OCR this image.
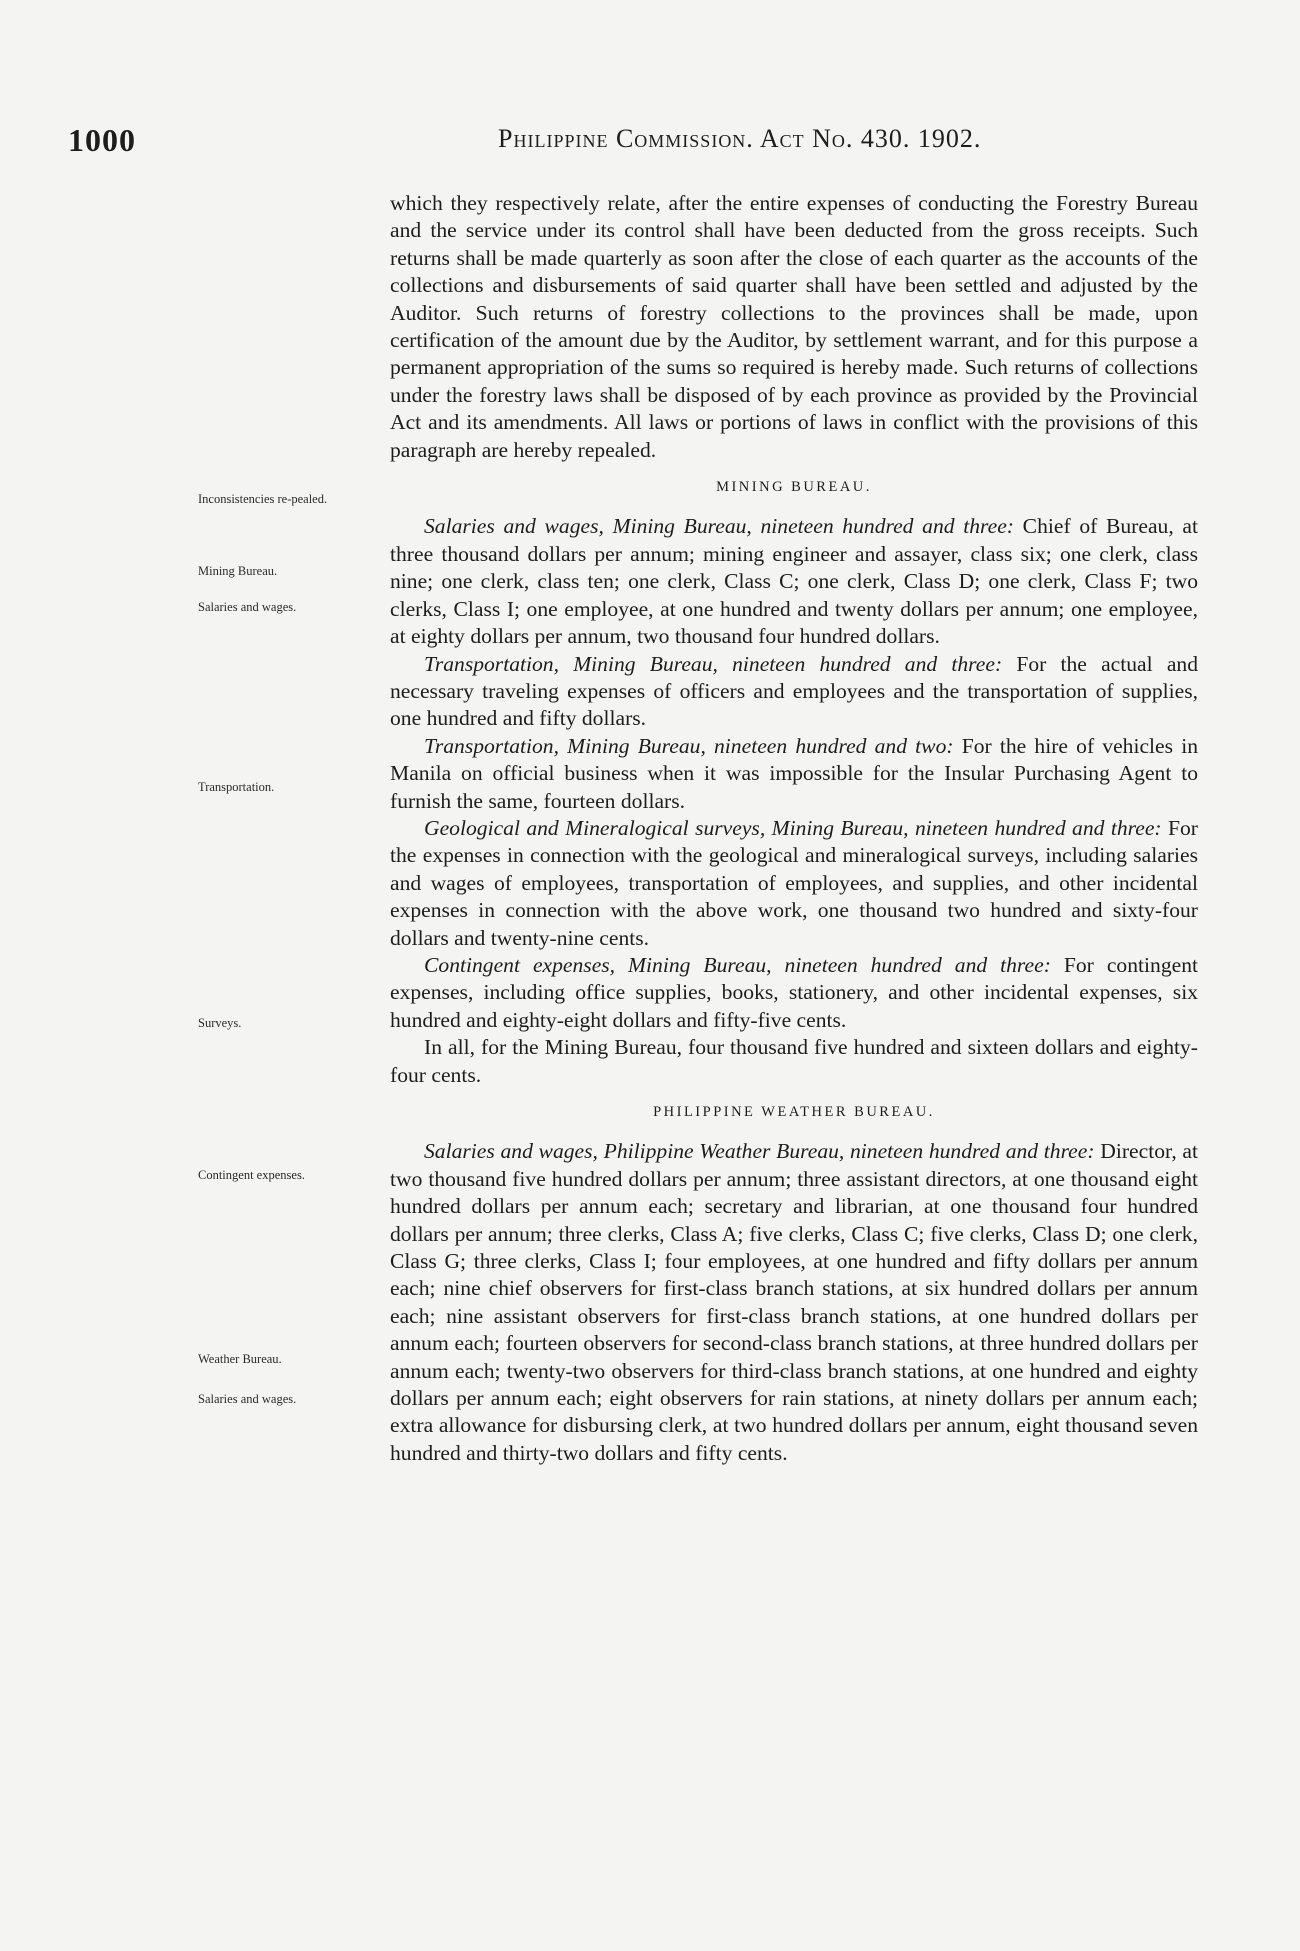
1000	Philippine Commission. Act No. 430. 1902.
Inconsistencies re-pealed.
Mining Bureau.
Salaries and wages.
Transportation.
Surveys.
Contingent expenses.
Weather Bureau.
Salaries and wages.

which they respectively relate, after the entire expenses of conducting the Forestry Bureau and the service under its control shall have been deducted from the gross receipts. Such returns shall be made quarterly as soon after the close of each quarter as the accounts of the collections and disbursements of said quarter shall have been settled and adjusted by the Auditor. Such returns of forestry collections to the provinces shall be made, upon certification of the amount due by the Auditor, by settlement warrant, and for this purpose a permanent appropriation of the sums so required is hereby made. Such returns of collections under the forestry laws shall be disposed of by each province as provided by the Provincial Act and its amendments. All laws or portions of laws in conflict with the provisions of this paragraph are hereby repealed.

MINING BUREAU.

Salaries and wages, Mining Bureau, nineteen hundred and three: Chief of Bureau, at three thousand dollars per annum; mining engineer and assayer, class six; one clerk, class nine; one clerk, class ten; one clerk, Class C; one clerk, Class D; one clerk, Class F; two clerks, Class I; one employee, at one hundred and twenty dollars per annum; one employee, at eighty dollars per annum, two thousand four hundred dollars.

Transportation, Mining Bureau, nineteen hundred and three: For the actual and necessary traveling expenses of officers and employees and the transportation of supplies, one hundred and fifty dollars.

Transportation, Mining Bureau, nineteen hundred and two: For the hire of vehicles in Manila on official business when it was impossible for the Insular Purchasing Agent to furnish the same, fourteen dollars.

Geological and Mineralogical surveys, Mining Bureau, nineteen hundred and three: For the expenses in connection with the geological and mineralogical surveys, including salaries and wages of employees, transportation of employees, and supplies, and other incidental expenses in connection with the above work, one thousand two hundred and sixty-four dollars and twenty-nine cents.

Contingent expenses, Mining Bureau, nineteen hundred and three: For contingent expenses, including office supplies, books, stationery, and other incidental expenses, six hundred and eighty-eight dollars and fifty-five cents.

In all, for the Mining Bureau, four thousand five hundred and sixteen dollars and eighty-four cents.

PHILIPPINE WEATHER BUREAU.

Salaries and wages, Philippine Weather Bureau, nineteen hundred and three: Director, at two thousand five hundred dollars per annum; three assistant directors, at one thousand eight hundred dollars per annum each; secretary and librarian, at one thousand four hundred dollars per annum; three clerks, Class A; five clerks, Class C; five clerks, Class D; one clerk, Class G; three clerks, Class I; four employees, at one hundred and fifty dollars per annum each; nine chief observers for first-class branch stations, at six hundred dollars per annum each; nine assistant observers for first-class branch stations, at one hundred dollars per annum each; fourteen observers for second-class branch stations, at three hundred dollars per annum each; twenty-two observers for third-class branch stations, at one hundred and eighty dollars per annum each; eight observers for rain stations, at ninety dollars per annum each; extra allowance for disbursing clerk, at two hundred dollars per annum, eight thousand seven hundred and thirty-two dollars and fifty cents.
